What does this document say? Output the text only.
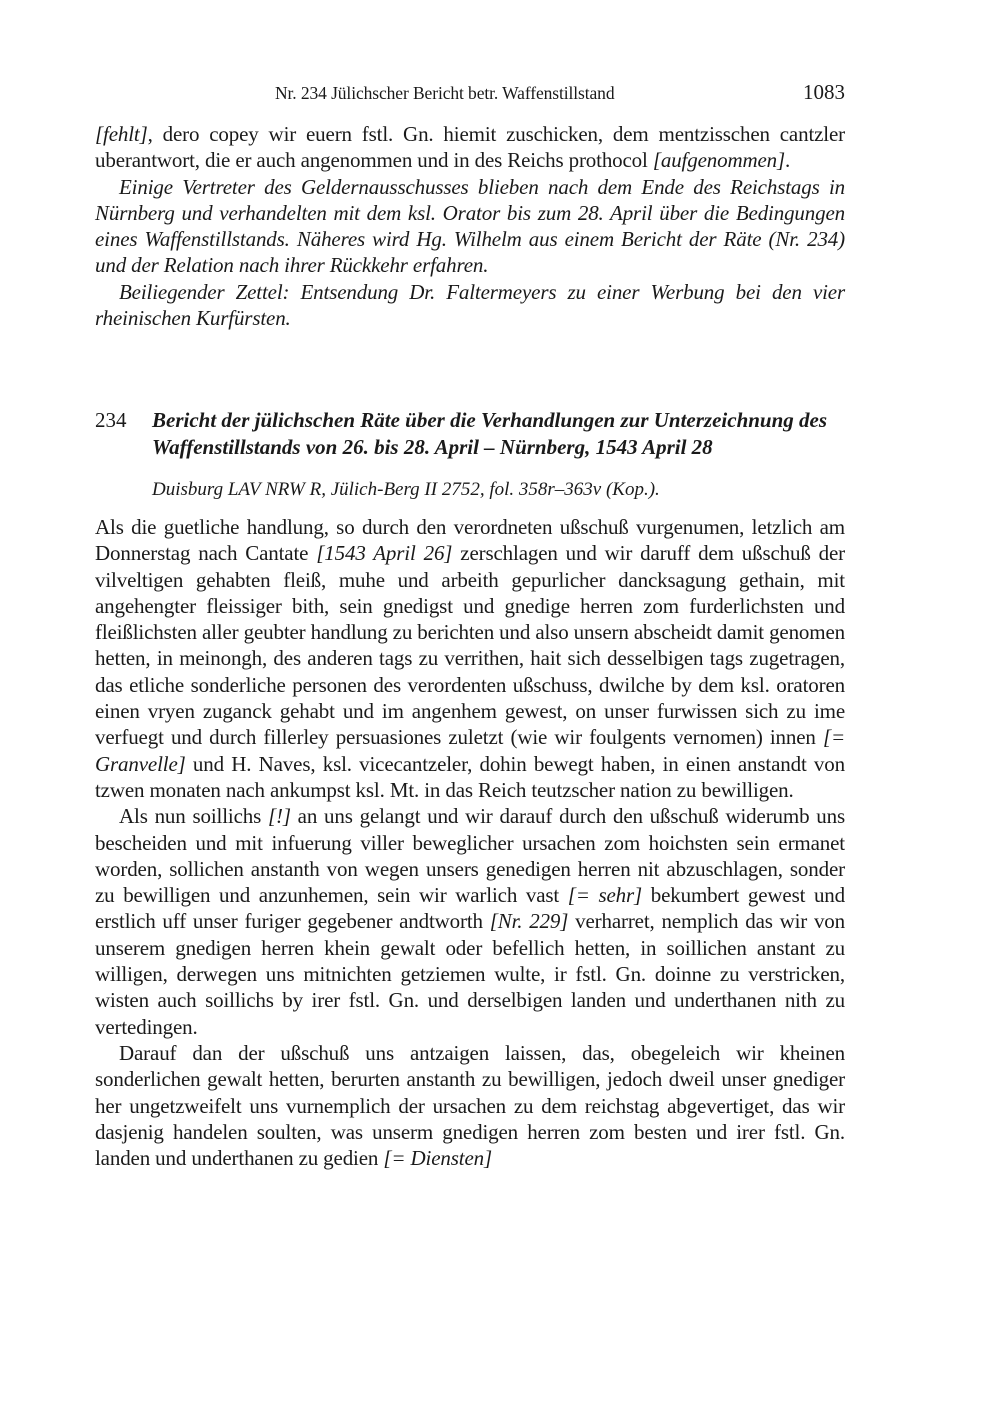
Nr. 234 Jülichscher Bericht betr. Waffenstillstand	1083

[fehlt], dero copey wir euern fstl. Gn. hiemit zuschicken, dem mentzisschen cantzler uberantwort, die er auch angenommen und in des Reichs prothocol [aufgenommen].

Einige Vertreter des Geldernausschusses blieben nach dem Ende des Reichstags in Nürnberg und verhandelten mit dem ksl. Orator bis zum 28. April über die Bedingungen eines Waffenstillstands. Näheres wird Hg. Wilhelm aus einem Bericht der Räte (Nr. 234) und der Relation nach ihrer Rückkehr erfahren.

Beiliegender Zettel: Entsendung Dr. Faltermeyers zu einer Werbung bei den vier rheinischen Kurfürsten.

234 Bericht der jülichschen Räte über die Verhandlungen zur Unterzeichnung des Waffenstillstands von 26. bis 28. April – Nürnberg, 1543 April 28
Duisburg LAV NRW R, Jülich-Berg II 2752, fol. 358r–363v (Kop.).

Als die guetliche handlung, so durch den verordneten ußschuß vurgenumen, letzlich am Donnerstag nach Cantate [1543 April 26] zerschlagen und wir daruff dem ußschuß der vilveltigen gehabten fleiß, muhe und arbeith gepurlicher dancksagung gethain, mit angehengter fleissiger bith, sein gnedigst und gnedige herren zom furderlichsten und fleißlichsten aller geubter handlung zu berichten und also unsern abscheidt damit genomen hetten, in meinongh, des anderen tags zu verrithen, hait sich desselbigen tags zugetragen, das etliche sonderliche personen des verordenten ußschuss, dwilche by dem ksl. oratoren einen vryen zuganck gehabt und im angenhem gewest, on unser furwissen sich zu ime verfuegt und durch fillerley persuasiones zuletzt (wie wir foulgents vernomen) innen [= Granvelle] und H. Naves, ksl. vicecantzeler, dohin bewegt haben, in einen anstandt von tzwen monaten nach ankumpst ksl. Mt. in das Reich teutzscher nation zu bewilligen.

Als nun soillichs [!] an uns gelangt und wir darauf durch den ußschuß widerumb uns bescheiden und mit infuerung viller beweglicher ursachen zom hoichsten sein ermanet worden, sollichen anstanth von wegen unsers genedigen herren nit abzuschlagen, sonder zu bewilligen und anzunhemen, sein wir warlich vast [= sehr] bekumbert gewest und erstlich uff unser furiger gegebener andtworth [Nr. 229] verharret, nemplich das wir von unserem gnedigen herren khein gewalt oder befellich hetten, in soillichen anstant zu willigen, derwegen uns mitnichten getziemen wulte, ir fstl. Gn. doinne zu verstricken, wisten auch soillichs by irer fstl. Gn. und derselbigen landen und underthanen nith zu vertedingen.

Darauf dan der ußschuß uns antzaigen laissen, das, obegeleich wir kheinen sonderlichen gewalt hetten, berurten anstanth zu bewilligen, jedoch dweil unser gnediger her ungetzweifelt uns vurnemplich der ursachen zu dem reichstag abgevertiget, das wir dasjenig handelen soulten, was unserm gnedigen herren zom besten und irer fstl. Gn. landen und underthanen zu gedien [= Diensten]
